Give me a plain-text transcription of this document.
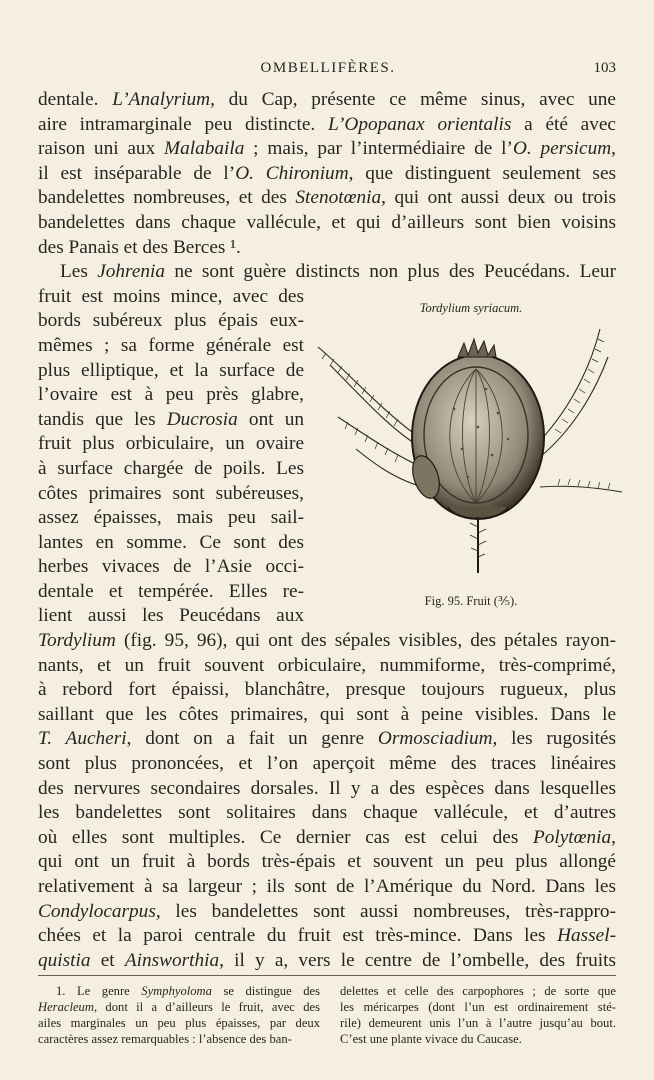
OMBELLIFÈRES.	103
dentale. L’Analyrium, du Cap, présente ce même sinus, avec une
aire intramarginale peu distincte. L’Opopanax orientalis a été avec
raison uni aux Malabaila ; mais, par l’intermédiaire de l’O. persicum,
il est inséparable de l’O. Chironium, que distinguent seulement ses
bandelettes nombreuses, et des Stenotœnia, qui ont aussi deux ou trois
bandelettes dans chaque vallécule, et qui d’ailleurs sont bien voisins
des Panais et des Berces ¹.
Les Johrenia ne sont guère distincts non plus des Peucédans. Leur
fruit est moins mince, avec des
bords subéreux plus épais eux-
mêmes ; sa forme générale est
plus elliptique, et la surface de
l’ovaire est à peu près glabre,
tandis que les Ducrosia ont un
fruit plus orbiculaire, un ovaire
à surface chargée de poils. Les
côtes primaires sont subéreuses,
assez épaisses, mais peu sail-
lantes en somme. Ce sont des
herbes vivaces de l’Asie occi-
dentale et tempérée. Elles re-
lient aussi les Peucédans aux
Tordylium (fig. 95, 96), qui ont des sépales visibles, des pétales rayon-
nants, et un fruit souvent orbiculaire, nummiforme, très-comprimé,
à rebord fort épaissi, blanchâtre, presque toujours rugueux, plus
saillant que les côtes primaires, qui sont à peine visibles. Dans le
T. Aucheri, dont on a fait un genre Ormosciadium, les rugosités
sont plus prononcées, et l’on aperçoit même des traces linéaires
des nervures secondaires dorsales. Il y a des espèces dans lesquelles
les bandelettes sont solitaires dans chaque vallécule, et d’autres
où elles sont multiples. Ce dernier cas est celui des Polytœnia,
qui ont un fruit à bords très-épais et souvent un peu plus allongé
relativement à sa largeur ; ils sont de l’Amérique du Nord. Dans les
Condylocarpus, les bandelettes sont aussi nombreuses, très-rappro-
chées et la paroi centrale du fruit est très-mince. Dans les Hassel-
quistia et Ainsworthia, il y a, vers le centre de l’ombelle, des fruits
Tordylium syriacum.
Fig. 95. Fruit (⅗).
1. Le genre Symphyoloma se distingue des
Heracleum, dont il a d’ailleurs le fruit, avec des
ailes marginales un peu plus épaisses, par deux
caractères assez remarquables : l’absence des ban-
delettes et celle des carpophores ; de sorte que
les méricarpes (dont l’un est ordinairement sté-
rile) demeurent unis l’un à l’autre jusqu’au bout.
C’est une plante vivace du Caucase.
